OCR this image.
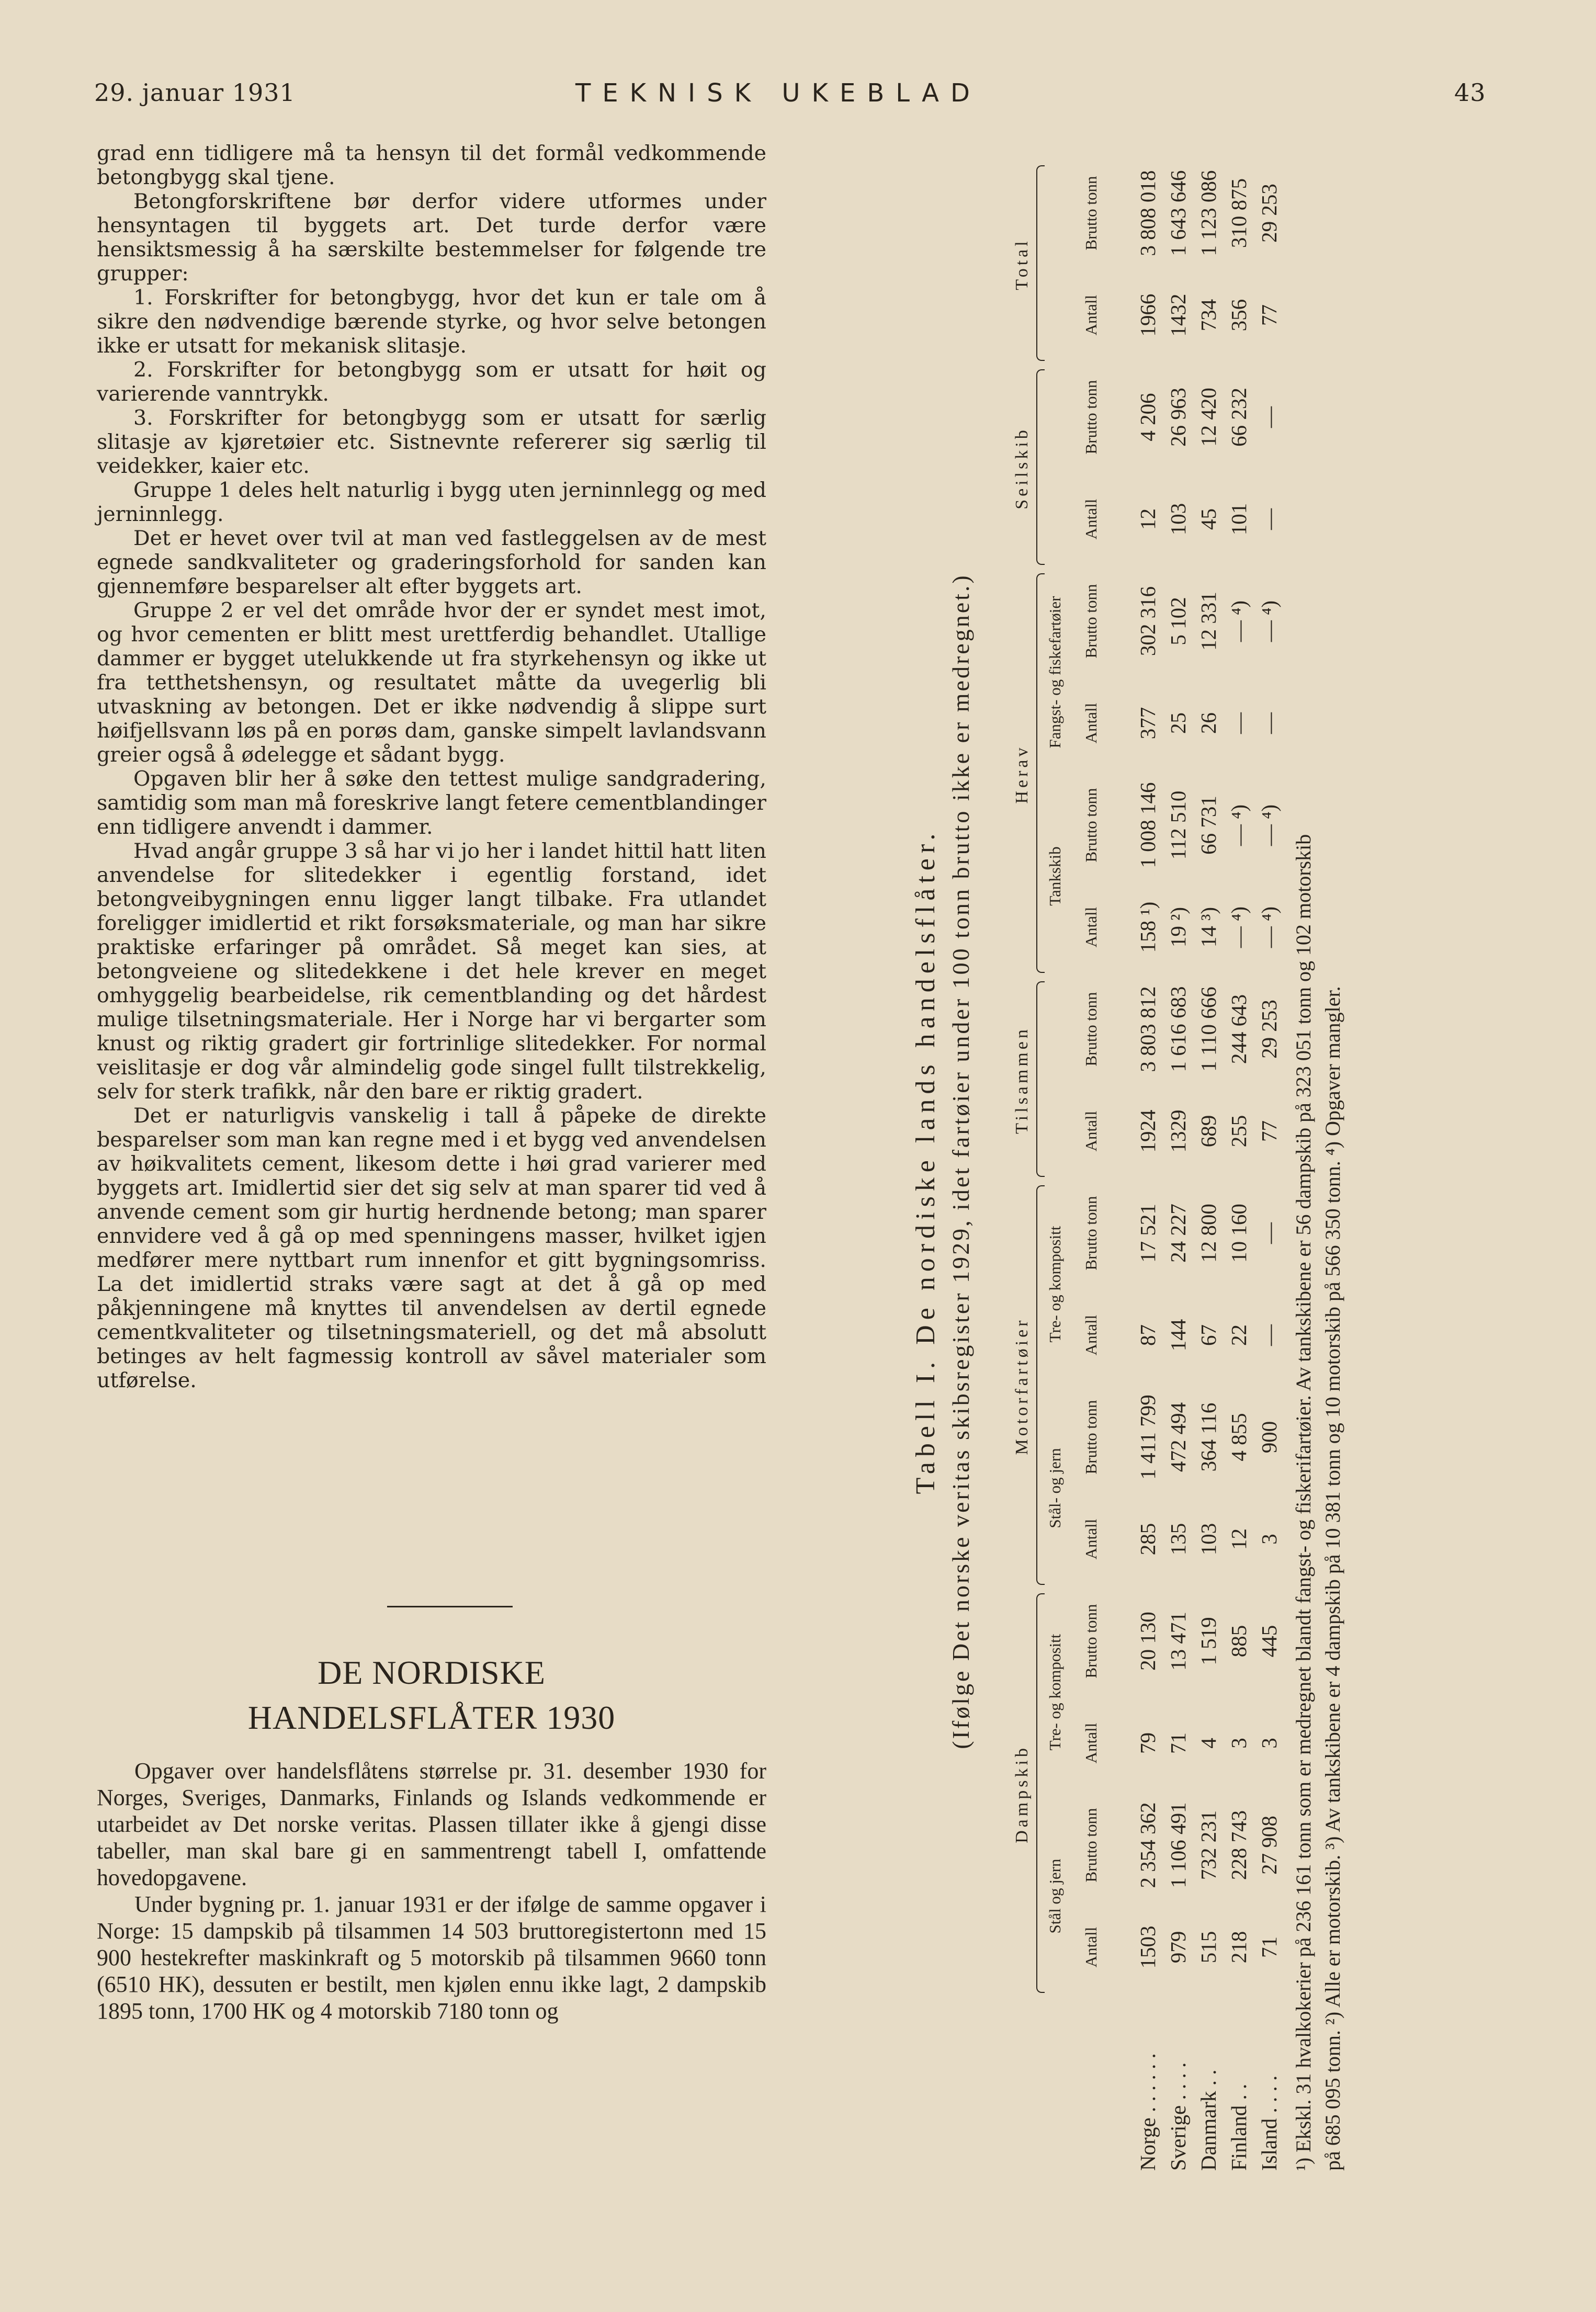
29. januar 1931	TEKNISK UKEBLAD	43

grad enn tidligere må ta hensyn til det formål vedkommende betongbygg skal tjene.

Betongforskriftene bør derfor videre utformes under hensyntagen til byggets art. Det turde derfor være hensiktsmessig å ha særskilte bestemmelser for følgende tre grupper:

1. Forskrifter for betongbygg, hvor det kun er tale om å sikre den nødvendige bærende styrke, og hvor selve betongen ikke er utsatt for mekanisk slitasje.

2. Forskrifter for betongbygg som er utsatt for høit og varierende vanntrykk.

3. Forskrifter for betongbygg som er utsatt for særlig slitasje av kjøretøier etc. Sistnevnte refererer sig særlig til veidekker, kaier etc.

Gruppe 1 deles helt naturlig i bygg uten jerninnlegg og med jerninnlegg.

Det er hevet over tvil at man ved fastleggelsen av de mest egnede sandkvaliteter og graderingsforhold for sanden kan gjennemføre besparelser alt efter byggets art.

Gruppe 2 er vel det område hvor der er syndet mest imot, og hvor cementen er blitt mest urettferdig behandlet. Utallige dammer er bygget utelukkende ut fra styrkehensyn og ikke ut fra tetthetshensyn, og resultatet måtte da uvegerlig bli utvaskning av betongen. Det er ikke nødvendig å slippe surt høifjellsvann løs på en porøs dam, ganske simpelt lavlandsvann greier også å ødelegge et sådant bygg.

Opgaven blir her å søke den tettest mulige sandgradering, samtidig som man må foreskrive langt fetere cementblandinger enn tidligere anvendt i dammer.

Hvad angår gruppe 3 så har vi jo her i landet hittil hatt liten anvendelse for slitedekker i egentlig forstand, idet betongveibygningen ennu ligger langt tilbake. Fra utlandet foreligger imidlertid et rikt forsøksmateriale, og man har sikre praktiske erfaringer på området. Så meget kan sies, at betongveiene og slitedekkene i det hele krever en meget omhyggelig bearbeidelse, rik cementblanding og det hårdest mulige tilsetningsmateriale. Her i Norge har vi bergarter som knust og riktig gradert gir fortrinlige slitedekker. For normal veislitasje er dog vår almindelig gode singel fullt tilstrekkelig, selv for sterk trafikk, når den bare er riktig gradert.

Det er naturligvis vanskelig i tall å påpeke de direkte besparelser som man kan regne med i et bygg ved anvendelsen av høikvalitets cement, likesom dette i høi grad varierer med byggets art. Imidlertid sier det sig selv at man sparer tid ved å anvende cement som gir hurtig herdnende betong; man sparer ennvidere ved å gå op med spenningens masser, hvilket igjen medfører mere nyttbart rum innenfor et gitt bygningsomriss. La det imidlertid straks være sagt at det å gå op med påkjenningene må knyttes til anvendelsen av dertil egnede cementkvaliteter og tilsetningsmateriell, og det må absolutt betinges av helt fagmessig kontroll av såvel materialer som utførelse.

DE NORDISKE
HANDELSFLÅTER 1930

Opgaver over handelsflåtens størrelse pr. 31. desember 1930 for Norges, Sveriges, Danmarks, Finlands og Islands vedkommende er utarbeidet av Det norske veritas. Plassen tillater ikke å gjengi disse tabeller, man skal bare gi en sammentrengt tabell I, omfattende hovedopgavene.

Under bygning pr. 1. januar 1931 er der ifølge de samme opgaver i Norge: 15 dampskib på tilsammen 14 503 bruttoregistertonn med 15 900 hestekrefter maskinkraft og 5 motorskib på tilsammen 9660 tonn (6510 HK), dessuten er bestilt, men kjølen ennu ikke lagt, 2 dampskib 1895 tonn, 1700 HK og 4 motorskib 7180 tonn og

Tabell I. De nordiske lands handelsflåter. (Ifølge Det norske veritas skibsregister 1929, idet fartøier under 100 tonn brutto ikke er medregnet.)
Dampskib
Motorfartøier
Tilsammen
Herav
Seilskib
Total
Stål og jern
Tre- og kompositt
Stål- og jern
Tre- og kompositt
Tankskib
Fangst- og fiskefartøier
Antall
Brutto tonn
Antall
Brutto tonn
Antall
Brutto tonn
Antall
Brutto tonn
Antall
Brutto tonn
Antall
Brutto tonn
Antall
Brutto tonn
Antall
Brutto tonn
Antall
Brutto tonn
Norge . . . . . .
1503
2 354 362
79
20 130
285
1 411 799
87
17 521
1924
3 803 812
158 ¹)
1 008 146
377
302 316
12
4 206
1966
3 808 018
Sverige . . . .
979
1 106 491
71
13 471
135
472 494
144
24 227
1329
1 616 683
19 ²)
112 510
25
5 102
103
26 963
1432
1 643 646
Danmark . .
515
732 231
4
1 519
103
364 116
67
12 800
689
1 110 666
14 ³)
66 731
26
12 331
45
12 420
734
1 123 086
Finland . .
218
228 743
3
885
12
4 855
22
10 160
255
244 643
— ⁴)
— ⁴)
—
— ⁴)
101
66 232
356
310 875
Island . . . .
71
27 908
3
445
3
900
—
—
77
29 253
— ⁴)
— ⁴)
—
— ⁴)
—
—
77
29 253
på 685 095 tonn. ²) Alle er motorskib. ³) Av tankskibene er 4 dampskib på 10 381 tonn og 10 motorskib på 566 350 tonn. ⁴) Opgaver mangler.
¹) Ekskl. 31 hvalkokerier på 236 161 tonn som er medregnet blandt fangst- og fiskerifartøier. Av tankskibene er 56 dampskib på 323 051 tonn og 102 motorskib
